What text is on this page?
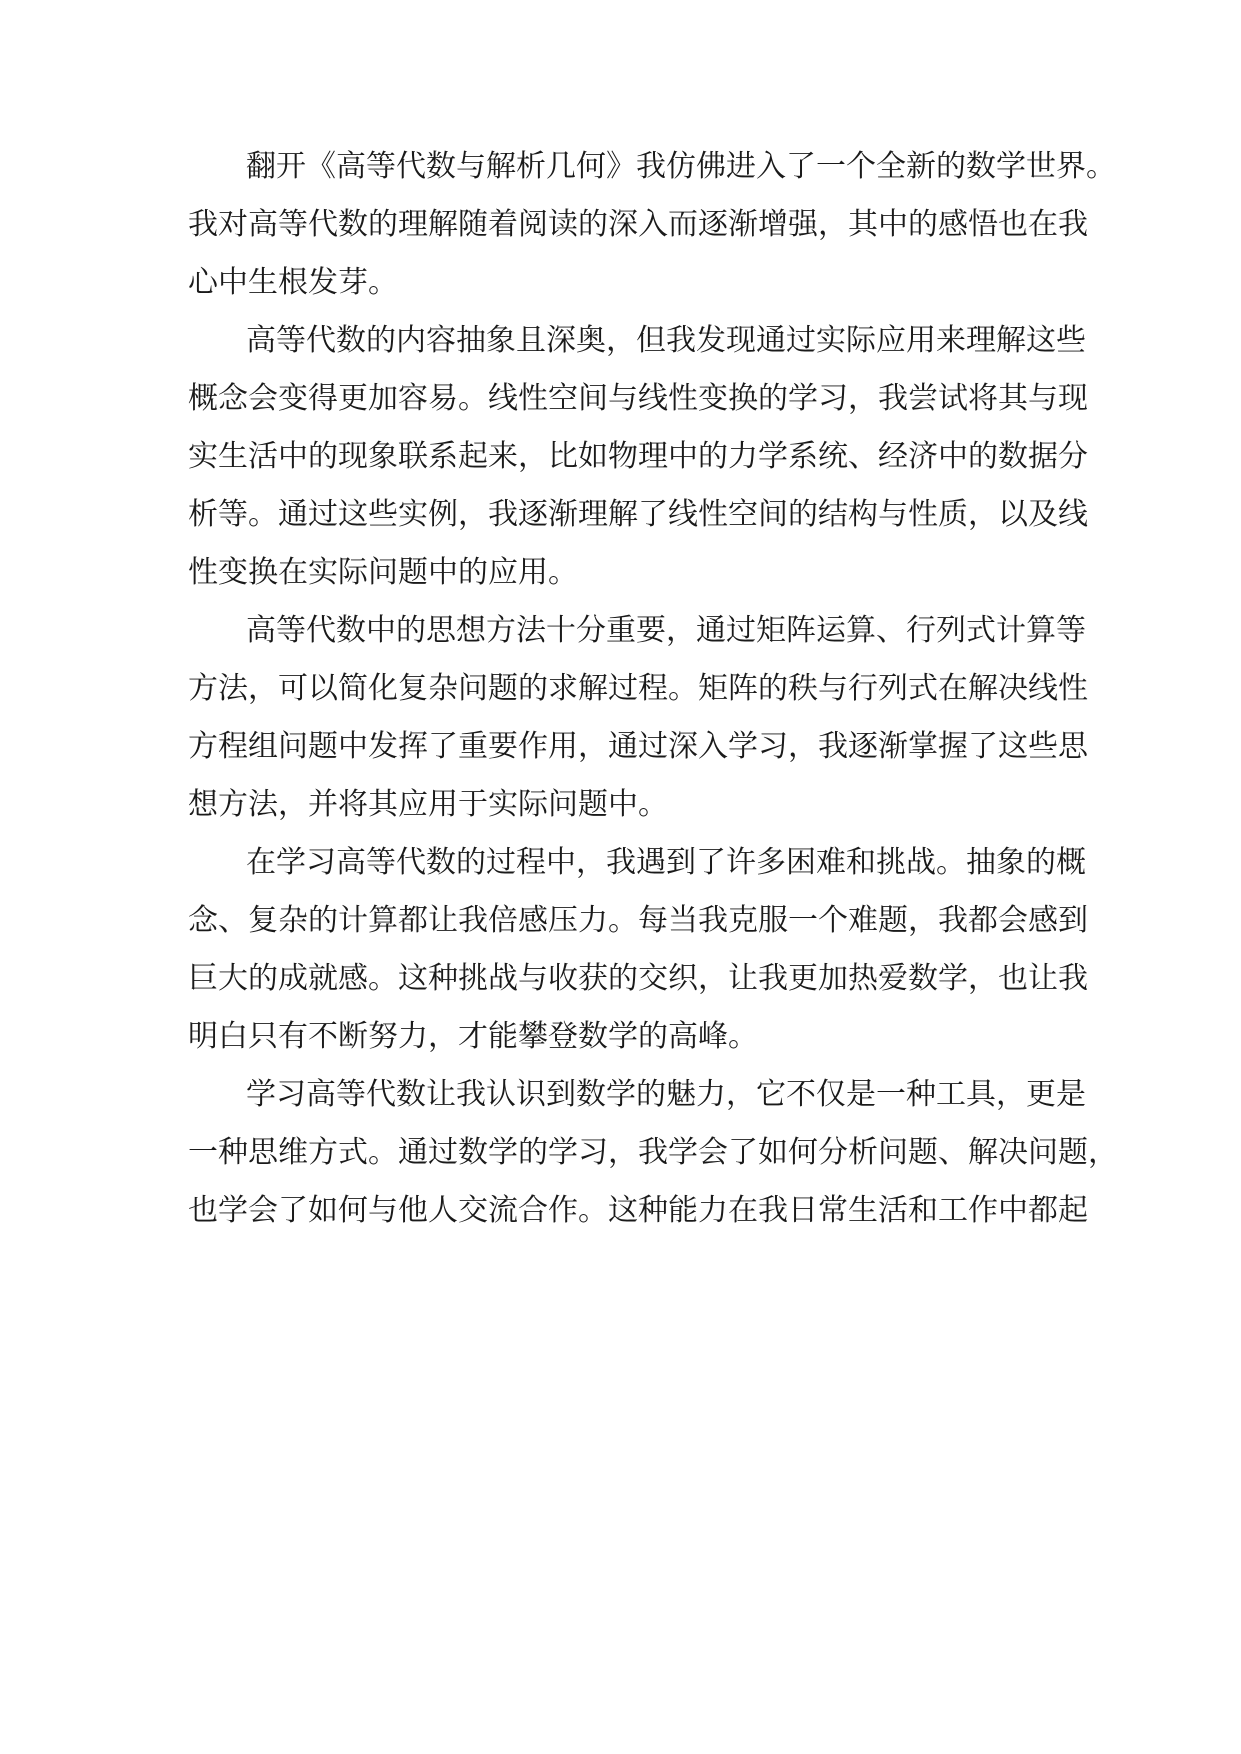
翻开《高等代数与解析几何》我仿佛进入了一个全新的数学世界。
我对高等代数的理解随着阅读的深入而逐渐增强，其中的感悟也在我
心中生根发芽。
高等代数的内容抽象且深奥，但我发现通过实际应用来理解这些
概念会变得更加容易。线性空间与线性变换的学习，我尝试将其与现
实生活中的现象联系起来，比如物理中的力学系统、经济中的数据分
析等。通过这些实例，我逐渐理解了线性空间的结构与性质，以及线
性变换在实际问题中的应用。
高等代数中的思想方法十分重要，通过矩阵运算、行列式计算等
方法，可以简化复杂问题的求解过程。矩阵的秩与行列式在解决线性
方程组问题中发挥了重要作用，通过深入学习，我逐渐掌握了这些思
想方法，并将其应用于实际问题中。
在学习高等代数的过程中，我遇到了许多困难和挑战。抽象的概
念、复杂的计算都让我倍感压力。每当我克服一个难题，我都会感到
巨大的成就感。这种挑战与收获的交织，让我更加热爱数学，也让我
明白只有不断努力，才能攀登数学的高峰。
学习高等代数让我认识到数学的魅力，它不仅是一种工具，更是
一种思维方式。通过数学的学习，我学会了如何分析问题、解决问题，
也学会了如何与他人交流合作。这种能力在我日常生活和工作中都起
